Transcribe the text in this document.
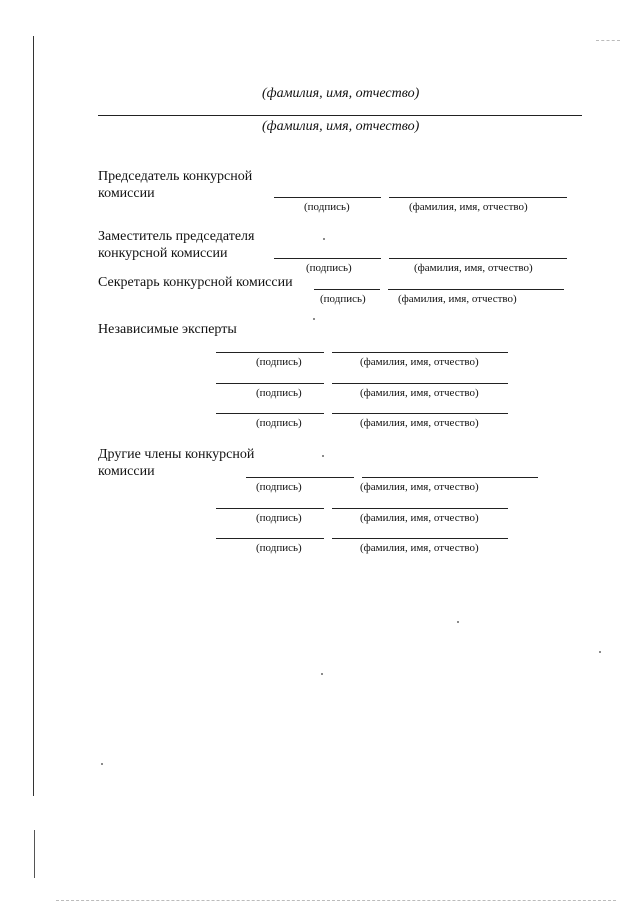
(фамилия, имя, отчество)
(фамилия, имя, отчество)
Председатель конкурсной
комиссии
(подпись)	(фамилия, имя, отчество)
Заместитель председателя
конкурсной комиссии
(подпись)	(фамилия, имя, отчество)
Секретарь конкурсной комиссии
(подпись)	(фамилия, имя, отчество)
Независимые эксперты
(подпись)	(фамилия, имя, отчество)
(подпись)	(фамилия, имя, отчество)
(подпись)	(фамилия, имя, отчество)
Другие члены конкурсной
комиссии
(подпись)	(фамилия, имя, отчество)
(подпись)	(фамилия, имя, отчество)
(подпись)	(фамилия, имя, отчество)
